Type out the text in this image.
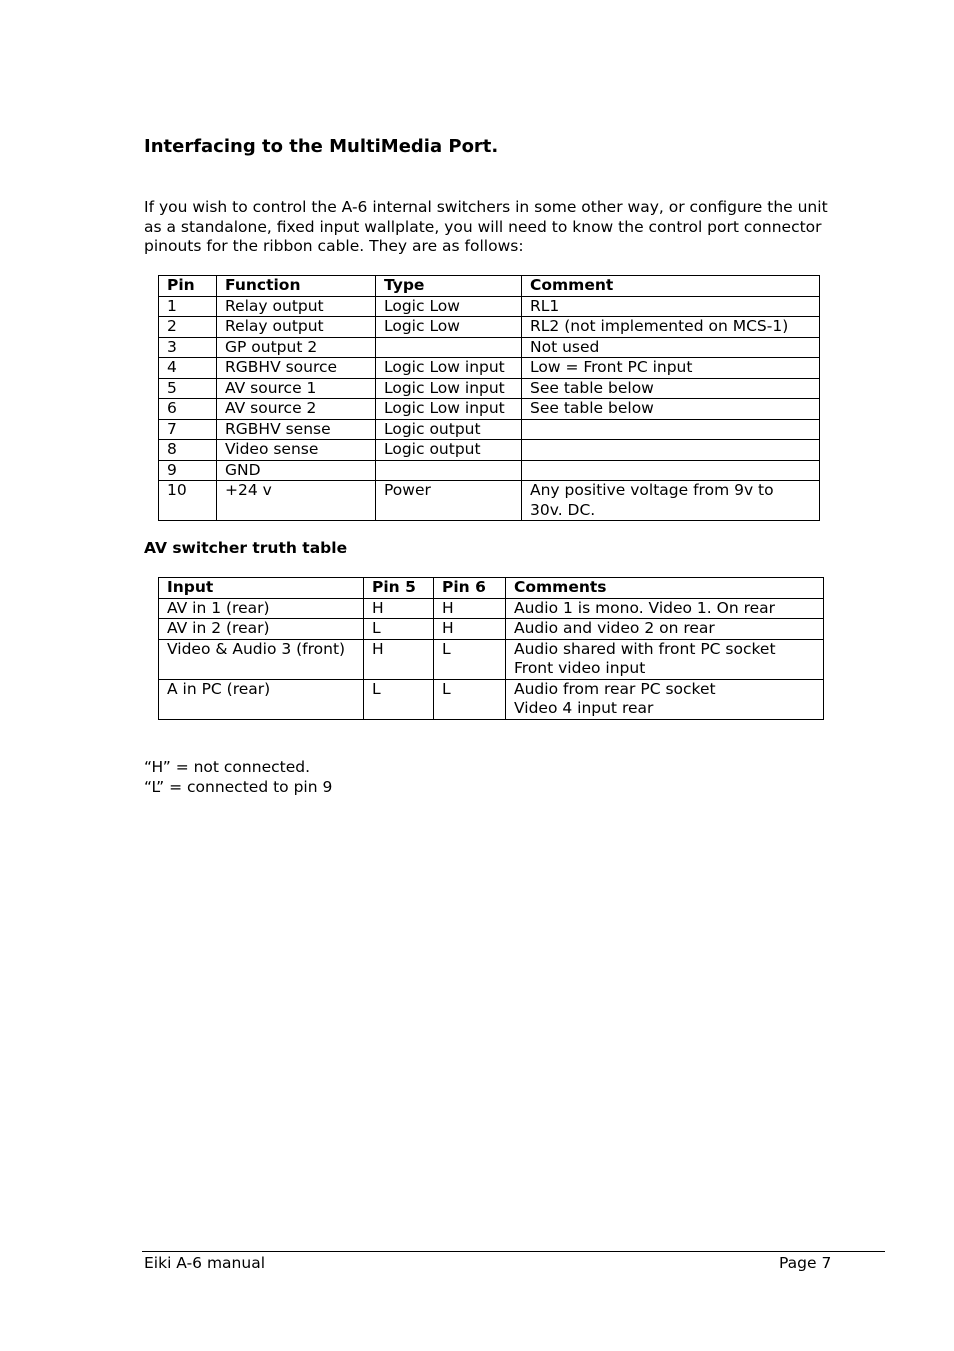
Interfacing to the MultiMedia Port.

If you wish to control the A-6 internal switchers in some other way, or configure the unit as a standalone, fixed input wallplate, you will need to know the control port connector pinouts for the ribbon cable. They are as follows:

Pin	Function	Type	Comment
1	Relay output	Logic Low	RL1
2	Relay output	Logic Low	RL2 (not implemented on MCS-1)
3	GP output 2		Not used
4	RGBHV source	Logic Low input	Low = Front PC input
5	AV source 1	Logic Low input	See table below
6	AV source 2	Logic Low input	See table below
7	RGBHV sense	Logic output	
8	Video sense	Logic output	
9	GND		
10	+24 v	Power	Any positive voltage from 9v to 30v. DC.
AV switcher truth table
Input	Pin 5	Pin 6	Comments
AV in 1 (rear)	H	H	Audio 1 is mono. Video 1. On rear
AV in 2 (rear)	L	H	Audio and video 2 on rear
Video & Audio 3 (front)	H	L	Audio shared with front PC socket
Front video input
A in PC (rear)	L	L	Audio from rear PC socket
Video 4 input rear
“H” = not connected.
“L” = connected to pin 9
Eiki A-6 manual	Page 7
